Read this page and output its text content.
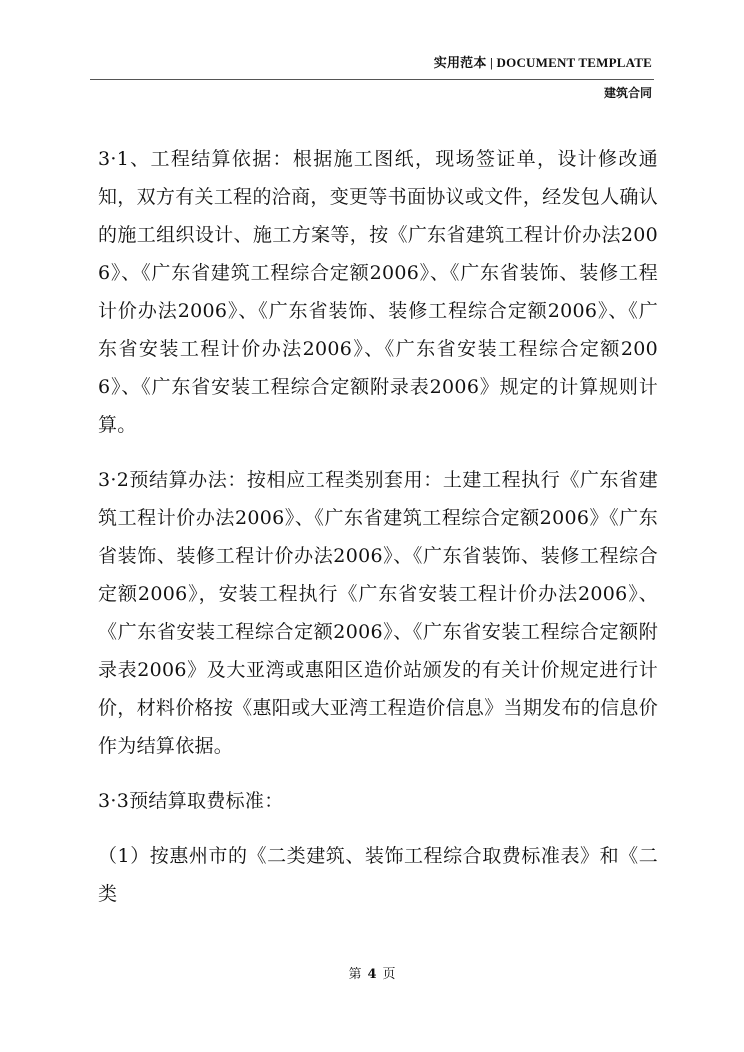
实用范本 | DOCUMENT TEMPLATE
建筑合同

3·1、工程结算依据：根据施工图纸，现场签证单，设计修改通知，双方有关工程的洽商，变更等书面协议或文件，经发包人确认的施工组织设计、施工方案等，按《广东省建筑工程计价办法2006》、《广东省建筑工程综合定额2006》、《广东省装饰、装修工程计价办法2006》、《广东省装饰、装修工程综合定额2006》、《广东省安装工程计价办法2006》、《广东省安装工程综合定额2006》、《广东省安装工程综合定额附录表2006》规定的计算规则计算。

3·2预结算办法：按相应工程类别套用：土建工程执行《广东省建筑工程计价办法2006》、《广东省建筑工程综合定额2006》《广东省装饰、装修工程计价办法2006》、《广东省装饰、装修工程综合定额2006》，安装工程执行《广东省安装工程计价办法2006》、《广东省安装工程综合定额2006》、《广东省安装工程综合定额附录表2006》及大亚湾或惠阳区造价站颁发的有关计价规定进行计价，材料价格按《惠阳或大亚湾工程造价信息》当期发布的信息价作为结算依据。

3·3预结算取费标准：

（1）按惠州市的《二类建筑、装饰工程综合取费标准表》和《二类

第 4 页
